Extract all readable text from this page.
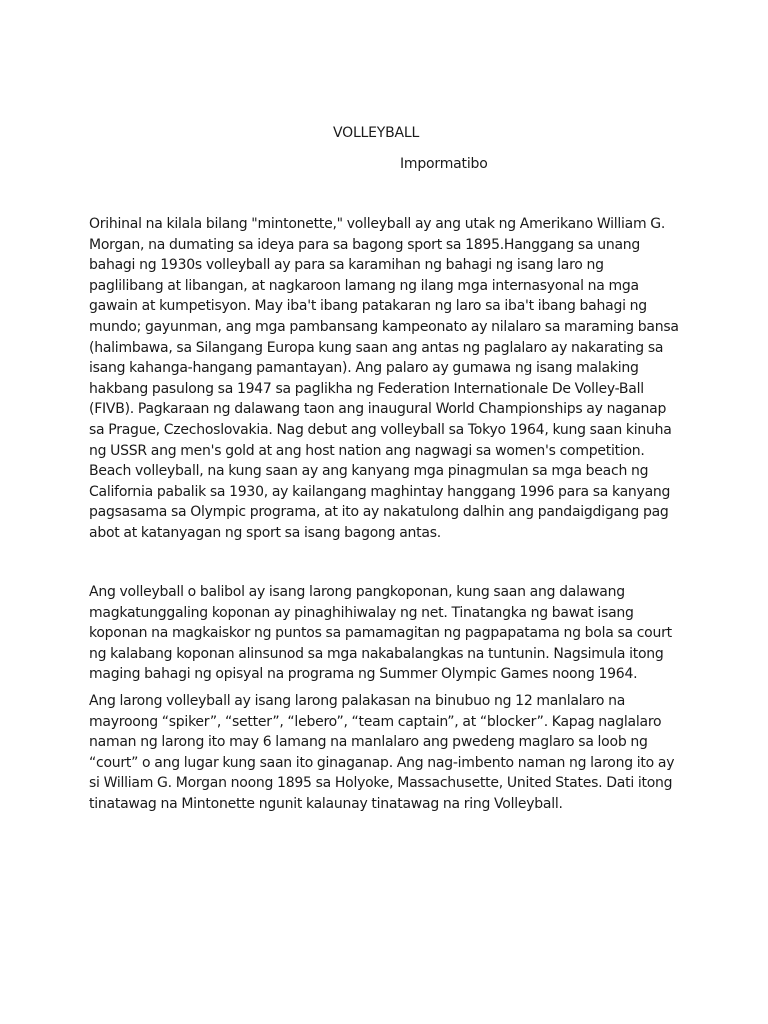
VOLLEYBALL
Impormatibo

Orihinal na kilala bilang "mintonette," volleyball ay ang utak ng Amerikano William G. Morgan, na dumating sa ideya para sa bagong sport sa 1895.Hanggang sa unang bahagi ng 1930s volleyball ay para sa karamihan ng bahagi ng isang laro ng paglilibang at libangan, at nagkaroon lamang ng ilang mga internasyonal na mga gawain at kumpetisyon. May iba't ibang patakaran ng laro sa iba't ibang bahagi ng mundo; gayunman, ang mga pambansang kampeonato ay nilalaro sa maraming bansa (halimbawa, sa Silangang Europa kung saan ang antas ng paglalaro ay nakarating sa isang kahanga-hangang pamantayan). Ang palaro ay gumawa ng isang malaking hakbang pasulong sa 1947 sa paglikha ng Federation Internationale De Volley-Ball (FIVB). Pagkaraan ng dalawang taon ang inaugural World Championships ay naganap sa Prague, Czechoslovakia. Nag debut ang volleyball sa Tokyo 1964, kung saan kinuha ng USSR ang men's gold at ang host nation ang nagwagi sa women's competition. Beach volleyball, na kung saan ay ang kanyang mga pinagmulan sa mga beach ng California pabalik sa 1930, ay kailangang maghintay hanggang 1996 para sa kanyang pagsasama sa Olympic programa, at ito ay nakatulong dalhin ang pandaigdigang pag abot at katanyagan ng sport sa isang bagong antas.

Ang volleyball o balibol ay isang larong pangkoponan, kung saan ang dalawang magkatunggaling koponan ay pinaghihiwalay ng net. Tinatangka ng bawat isang koponan na magkaiskor ng puntos sa pamamagitan ng pagpapatama ng bola sa court ng kalabang koponan alinsunod sa mga nakabalangkas na tuntunin. Nagsimula itong maging bahagi ng opisyal na programa ng Summer Olympic Games noong 1964.

Ang larong volleyball ay isang larong palakasan na binubuo ng 12 manlalaro na mayroong “spiker”, “setter”, “lebero”, “team captain”, at “blocker”. Kapag naglalaro naman ng larong ito may 6 lamang na manlalaro ang pwedeng maglaro sa loob ng “court” o ang lugar kung saan ito ginaganap. Ang nag-imbento naman ng larong ito ay si William G. Morgan noong 1895 sa Holyoke, Massachusette, United States. Dati itong tinatawag na Mintonette ngunit kalaunay tinatawag na ring Volleyball.
